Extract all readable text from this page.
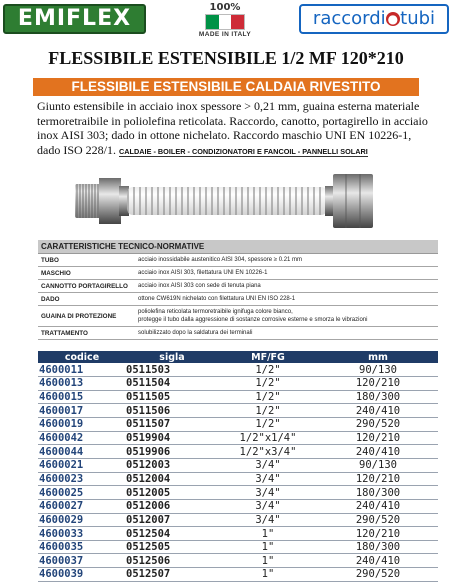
EMIFLEX	100%
MADE IN ITALY
raccordi ● tubi
FLESSIBILE ESTENSIBILE 1/2 MF 120*210
FLESSIBILE ESTENSIBILE CALDAIA RIVESTITO
Giunto estensibile in acciaio inox spessore > 0,21 mm, guaina esterna materiale termoretraibile in poliolefina reticolata. Raccordo, canotto, portagirello in acciaio inox AISI 303; dado in ottone nichelato. Raccordo maschio UNI EN 10226-1, dado ISO 228/1. CALDAIE - BOILER - CONDIZIONATORI E FANCOIL - PANNELLI SOLARI
CARATTERISTICHE TECNICO-NORMATIVE
TUBO	acciaio inossidabile austenitico AISI 304, spessore ≥ 0.21 mm
MASCHIO	acciaio inox AISI 303, filettatura UNI EN 10226-1
CANNOTTO PORTAGIRELLO	acciaio inox AISI 303 con sede di tenuta piana
DADO	ottone CW619N nichelato con filettatura UNI EN ISO 228-1
GUAINA DI PROTEZIONE
poliolefina reticolata termoretraibile ignifuga colore bianco,
proteggе il tubo dalla aggressione di sostanze corrosive esterne e smorza le vibrazioni
TRATTAMENTO	solubilizzato dopo la saldatura dei terminali
codice	sigla	MF/FG	mm
4600011	0511503	1/2"	90/130
4600013	0511504	1/2"	120/210
4600015	0511505	1/2"	180/300
4600017	0511506	1/2"	240/410
4600019	0511507	1/2"	290/520
4600042	0519904	1/2"x1/4"	120/210
4600044	0519906	1/2"x3/4"	240/410
4600021	0512003	3/4"	90/130
4600023	0512004	3/4"	120/210
4600025	0512005	3/4"	180/300
4600027	0512006	3/4"	240/410
4600029	0512007	3/4"	290/520
4600033	0512504	1"	120/210
4600035	0512505	1"	180/300
4600037	0512506	1"	240/410
4600039	0512507	1"	290/520
